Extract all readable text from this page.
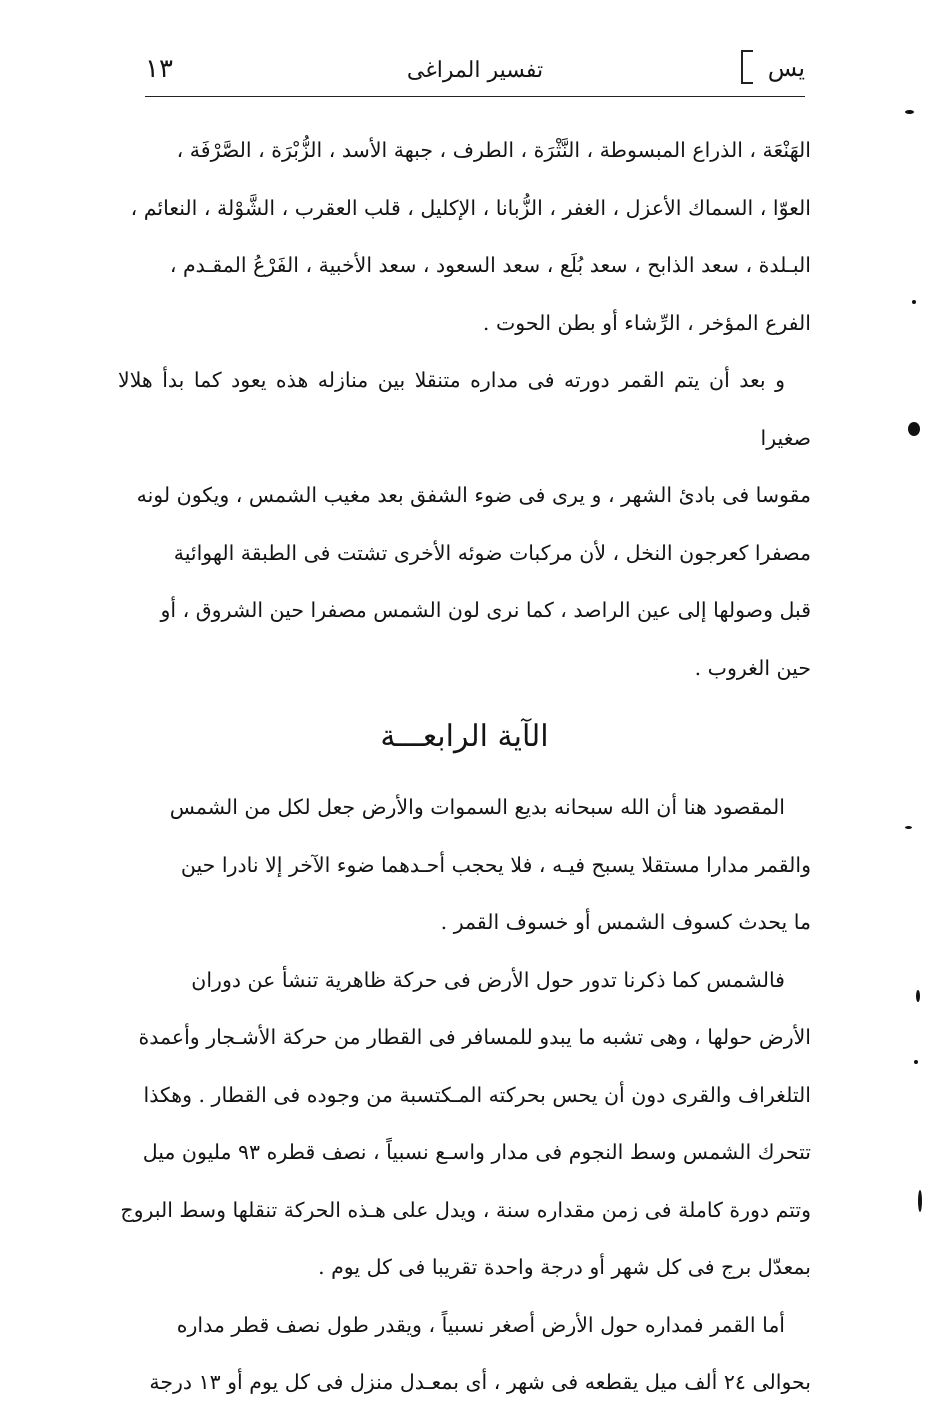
١٣	تفسير المراغى	يس

الهَنْعَة ، الذراع المبسوطة ، النَّثْرَة ، الطرف ، جبهة الأسد ، الزُّبْرَة ، الصَّرْفَة ،
العوّا ، السماك الأعزل ، الغفر ، الزُّبانا ، الإكليل ، قلب العقرب ، الشَّوْلة ، النعائم ،
البـلدة ، سعد الذابح ، سعد بُلَع ، سعد السعود ، سعد الأخبية ، الفَرْعُ المقـدم ،
الفرع المؤخر ، الرِّشاء أو بطن الحوت .

و بعد أن يتم القمر دورته فى مداره متنقلا بين منازله هذه يعود كما بدأ هلالا صغيرا
مقوسا فى بادئ الشهر ، و يرى فى ضوء الشفق بعد مغيب الشمس ، ويكون لونه
مصفرا كعرجون النخل ، لأن مركبات ضوئه الأخرى تشتت فى الطبقة الهوائية
قبل وصولها إلى عين الراصد ، كما نرى لون الشمس مصفرا حين الشروق ، أو
حين الغروب .

الآية الرابعـــة

المقصود هنا أن الله سبحانه بديع السموات والأرض جعل لكل من الشمس
والقمر مدارا مستقلا يسبح فيـه ، فلا يحجب أحـدهما ضوء الآخر إلا نادرا حين
ما يحدث كسوف الشمس أو خسوف القمر .

فالشمس كما ذكرنا تدور حول الأرض فى حركة ظاهرية تنشأ عن دوران
الأرض حولها ، وهى تشبه ما يبدو للمسافر فى القطار من حركة الأشـجار وأعمدة
التلغراف والقرى دون أن يحس بحركته المـكتسبة من وجوده فى القطار . وهكذا
تتحرك الشمس وسط النجوم فى مدار واسـع نسبياً ، نصف قطره ٩٣ مليون ميل
وتتم دورة كاملة فى زمن مقداره سنة ، ويدل على هـذه الحركة تنقلها وسط البروج
بمعدّل برج فى كل شهر أو درجة واحدة تقريبا فى كل يوم .

أما القمر فمداره حول الأرض أصغر نسبياً ، ويقدر طول نصف قطر مداره
بحوالى ٢٤ ألف ميل يقطعه فى شهر ، أى بمعـدل منزل فى كل يوم أو ١٣ درجة
